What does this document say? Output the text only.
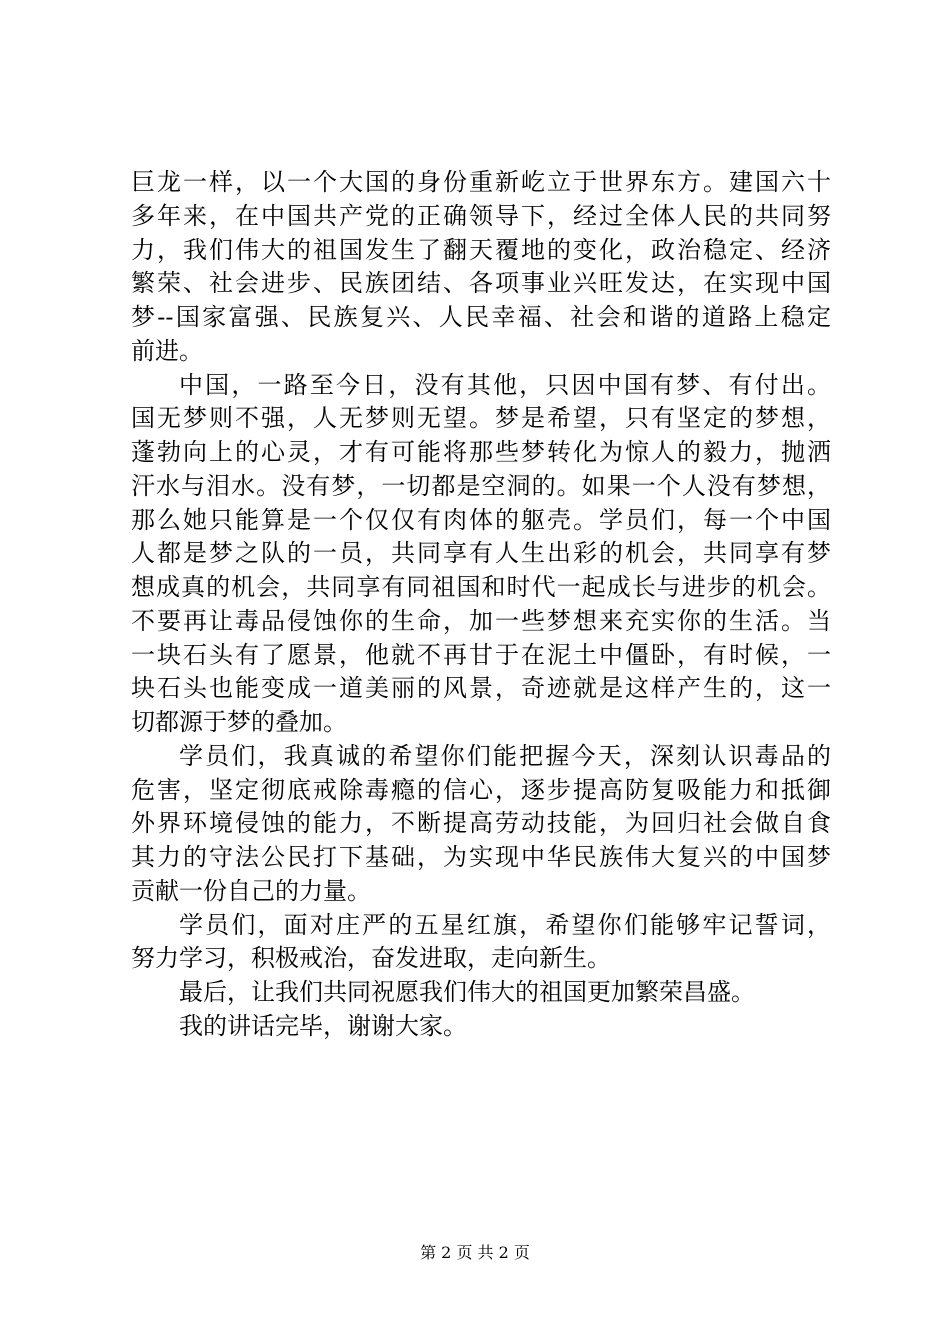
巨龙一样，以一个大国的身份重新屹立于世界东方。建国六十
多年来，在中国共产党的正确领导下，经过全体人民的共同努
力，我们伟大的祖国发生了翻天覆地的变化，政治稳定、经济
繁荣、社会进步、民族团结、各项事业兴旺发达，在实现中国
梦--国家富强、民族复兴、人民幸福、社会和谐的道路上稳定
前进。
中国，一路至今日，没有其他，只因中国有梦、有付出。
国无梦则不强，人无梦则无望。梦是希望，只有坚定的梦想，
蓬勃向上的心灵，才有可能将那些梦转化为惊人的毅力，抛洒
汗水与泪水。没有梦，一切都是空洞的。如果一个人没有梦想，
那么她只能算是一个仅仅有肉体的躯壳。学员们，每一个中国
人都是梦之队的一员，共同享有人生出彩的机会，共同享有梦
想成真的机会，共同享有同祖国和时代一起成长与进步的机会。
不要再让毒品侵蚀你的生命，加一些梦想来充实你的生活。当
一块石头有了愿景，他就不再甘于在泥土中僵卧，有时候，一
块石头也能变成一道美丽的风景，奇迹就是这样产生的，这一
切都源于梦的叠加。
学员们，我真诚的希望你们能把握今天，深刻认识毒品的
危害，坚定彻底戒除毒瘾的信心，逐步提高防复吸能力和抵御
外界环境侵蚀的能力，不断提高劳动技能，为回归社会做自食
其力的守法公民打下基础，为实现中华民族伟大复兴的中国梦
贡献一份自己的力量。
学员们，面对庄严的五星红旗，希望你们能够牢记誓词，
努力学习，积极戒治，奋发进取，走向新生。
最后，让我们共同祝愿我们伟大的祖国更加繁荣昌盛。
我的讲话完毕，谢谢大家。
第 2 页 共 2 页
